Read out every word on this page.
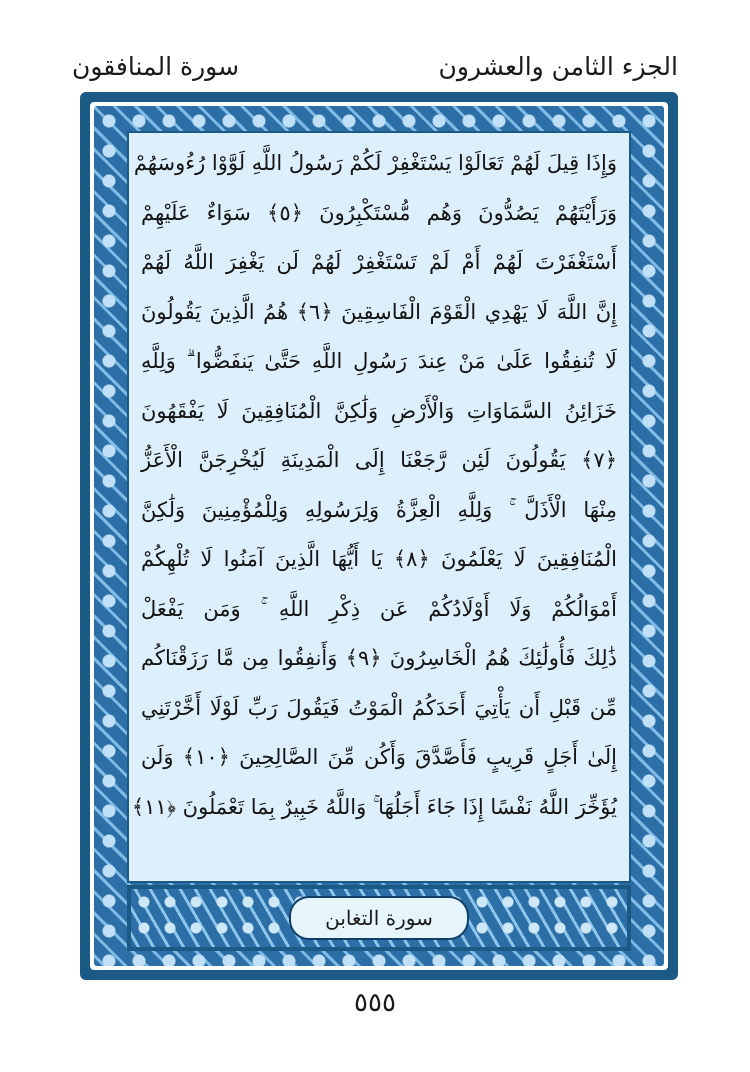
الجزء الثامن والعشرون
سورة المنافقون
وَإِذَا قِيلَ لَهُمْ تَعَالَوْا يَسْتَغْفِرْ لَكُمْ رَسُولُ اللَّهِ لَوَّوْا رُءُوسَهُمْ
وَرَأَيْتَهُمْ يَصُدُّونَ وَهُم مُّسْتَكْبِرُونَ ﴿٥﴾ سَوَاءٌ عَلَيْهِمْ
أَسْتَغْفَرْتَ لَهُمْ أَمْ لَمْ تَسْتَغْفِرْ لَهُمْ لَن يَغْفِرَ اللَّهُ لَهُمْ
إِنَّ اللَّهَ لَا يَهْدِي الْقَوْمَ الْفَاسِقِينَ ﴿٦﴾ هُمُ الَّذِينَ يَقُولُونَ
لَا تُنفِقُوا عَلَىٰ مَنْ عِندَ رَسُولِ اللَّهِ حَتَّىٰ يَنفَضُّوا ۗ وَلِلَّهِ
خَزَائِنُ السَّمَاوَاتِ وَالْأَرْضِ وَلَٰكِنَّ الْمُنَافِقِينَ لَا يَفْقَهُونَ
﴿٧﴾ يَقُولُونَ لَئِن رَّجَعْنَا إِلَى الْمَدِينَةِ لَيُخْرِجَنَّ الْأَعَزُّ
مِنْهَا الْأَذَلَّ ۚ وَلِلَّهِ الْعِزَّةُ وَلِرَسُولِهِ وَلِلْمُؤْمِنِينَ وَلَٰكِنَّ
الْمُنَافِقِينَ لَا يَعْلَمُونَ ﴿٨﴾ يَا أَيُّهَا الَّذِينَ آمَنُوا لَا تُلْهِكُمْ
أَمْوَالُكُمْ وَلَا أَوْلَادُكُمْ عَن ذِكْرِ اللَّهِ ۚ وَمَن يَفْعَلْ
ذَٰلِكَ فَأُولَٰئِكَ هُمُ الْخَاسِرُونَ ﴿٩﴾ وَأَنفِقُوا مِن مَّا رَزَقْنَاكُم
مِّن قَبْلِ أَن يَأْتِيَ أَحَدَكُمُ الْمَوْتُ فَيَقُولَ رَبِّ لَوْلَا أَخَّرْتَنِي
إِلَىٰ أَجَلٍ قَرِيبٍ فَأَصَّدَّقَ وَأَكُن مِّنَ الصَّالِحِينَ ﴿١٠﴾ وَلَن
يُؤَخِّرَ اللَّهُ نَفْسًا إِذَا جَاءَ أَجَلُهَا ۚ وَاللَّهُ خَبِيرٌ بِمَا تَعْمَلُونَ ﴿١١﴾
سورة التغابن
٥٥٥
